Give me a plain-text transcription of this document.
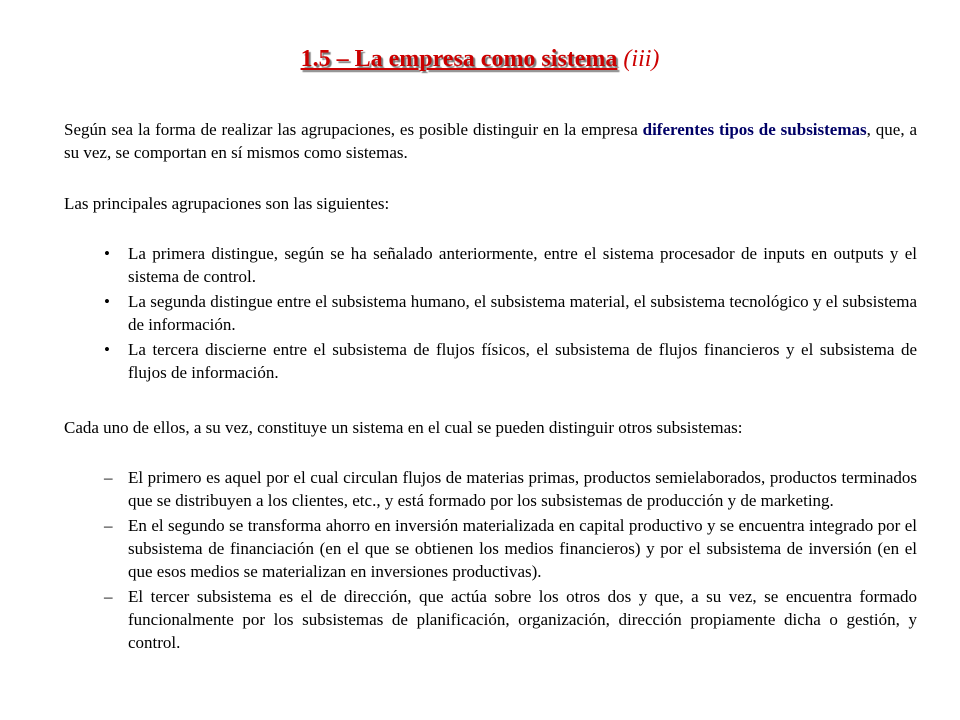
1.5 – La empresa como sistema (iii)

Según sea la forma de realizar las agrupaciones, es posible distinguir en la empresa diferentes tipos de subsistemas, que, a su vez, se comportan en sí mismos como sistemas.

Las principales agrupaciones son las siguientes:

• La primera distingue, según se ha señalado anteriormente, entre el sistema procesador de inputs en outputs y el sistema de control.
• La segunda distingue entre el subsistema humano, el subsistema material, el subsistema tecnológico y el subsistema de información.
• La tercera discierne entre el subsistema de flujos físicos, el subsistema de flujos financieros y el subsistema de flujos de información.

Cada uno de ellos, a su vez, constituye un sistema en el cual se pueden distinguir otros subsistemas:

– El primero es aquel por el cual circulan flujos de materias primas, productos semielaborados, productos terminados que se distribuyen a los clientes, etc., y está formado por los subsistemas de producción y de marketing.
– En el segundo se transforma ahorro en inversión materializada en capital productivo y se encuentra integrado por el subsistema de financiación (en el que se obtienen los medios financieros) y por el subsistema de inversión (en el que esos medios se materializan en inversiones productivas).
– El tercer subsistema es el de dirección, que actúa sobre los otros dos y que, a su vez, se encuentra formado funcionalmente por los subsistemas de planificación, organización, dirección propiamente dicha o gestión, y control.
